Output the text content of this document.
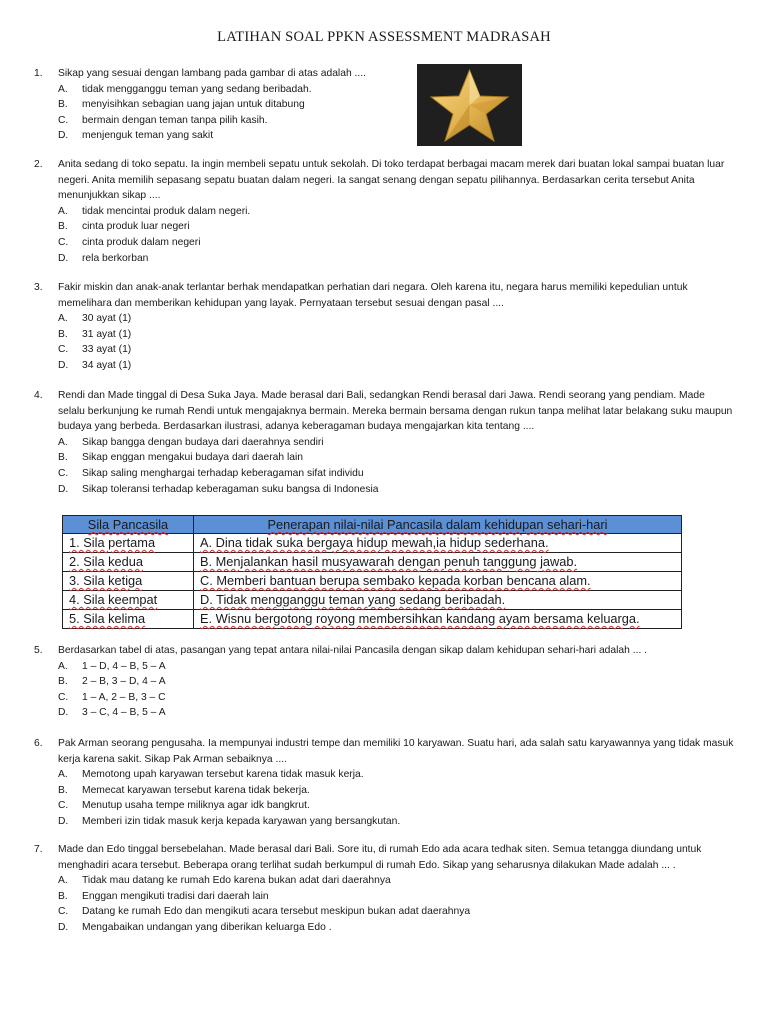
LATIHAN SOAL PPKN ASSESSMENT MADRASAH
1. Sikap yang sesuai dengan lambang pada gambar di atas adalah ....
A. tidak mengganggu teman yang sedang beribadah.
B. menyisihkan sebagian uang jajan untuk ditabung
C. bermain dengan teman tanpa pilih kasih.
D. menjenguk teman yang sakit
2. Anita sedang di toko sepatu. Ia ingin membeli sepatu untuk sekolah. Di toko terdapat berbagai macam merek dari buatan lokal sampai buatan luar negeri. Anita memilih sepasang sepatu buatan dalam negeri. Ia sangat senang dengan sepatu pilihannya. Berdasarkan cerita tersebut Anita menunjukkan sikap ....
A. tidak mencintai produk dalam negeri.
B. cinta produk luar negeri
C. cinta produk dalam negeri
D. rela berkorban
3. Fakir miskin dan anak-anak terlantar berhak mendapatkan perhatian dari negara. Oleh karena itu, negara harus memiliki kepedulian untuk memelihara dan memberikan kehidupan yang layak. Pernyataan tersebut sesuai dengan pasal ....
A. 30 ayat (1)
B. 31 ayat (1)
C. 33 ayat (1)
D. 34 ayat (1)
4. Rendi dan Made tinggal di Desa Suka Jaya. Made berasal dari Bali, sedangkan Rendi berasal dari Jawa. Rendi seorang yang pendiam. Made selalu berkunjung ke rumah Rendi untuk mengajaknya bermain. Mereka bermain bersama dengan rukun tanpa melihat latar belakang suku maupun budaya yang berbeda. Berdasarkan ilustrasi, adanya keberagaman budaya mengajarkan kita tentang ....
A. Sikap bangga dengan budaya dari daerahnya sendiri
B. Sikap enggan mengakui budaya dari daerah lain
C. Sikap saling menghargai terhadap keberagaman sifat individu
D. Sikap toleransi terhadap keberagaman suku bangsa di Indonesia
Sila Pancasila	Penerapan nilai-nilai Pancasila dalam kehidupan sehari-hari
1. Sila pertama	A. Dina tidak suka bergaya hidup mewah,ia hidup sederhana.
2. Sila kedua	B. Menjalankan hasil musyawarah dengan penuh tanggung jawab.
3. Sila ketiga	C. Memberi bantuan berupa sembako kepada korban bencana alam.
4. Sila keempat	D. Tidak mengganggu teman yang sedang beribadah.
5. Sila kelima	E. Wisnu bergotong royong membersihkan kandang ayam bersama keluarga.
5. Berdasarkan tabel di atas, pasangan yang tepat antara nilai-nilai Pancasila dengan sikap dalam kehidupan sehari-hari adalah ... .
A. 1 – D, 4 – B, 5 – A
B. 2 – B, 3 – D, 4 – A
C. 1 – A, 2 – B, 3 – C
D. 3 – C, 4 – B, 5 – A
6. Pak Arman seorang pengusaha. Ia mempunyai industri tempe dan memiliki 10 karyawan. Suatu hari, ada salah satu karyawannya yang tidak masuk kerja karena sakit. Sikap Pak Arman sebaiknya ....
A. Memotong upah karyawan tersebut karena tidak masuk kerja.
B. Memecat karyawan tersebut karena tidak bekerja.
C. Menutup usaha tempe miliknya agar idk bangkrut.
D. Memberi izin tidak masuk kerja kepada karyawan yang bersangkutan.
7. Made dan Edo tinggal bersebelahan. Made berasal dari Bali. Sore itu, di rumah Edo ada acara tedhak siten. Semua tetangga diundang untuk menghadiri acara tersebut. Beberapa orang terlihat sudah berkumpul di rumah Edo. Sikap yang seharusnya dilakukan Made adalah ... .
A. Tidak mau datang ke rumah Edo karena bukan adat dari daerahnya
B. Enggan mengikuti tradisi dari daerah lain
C. Datang ke rumah Edo dan mengikuti acara tersebut meskipun bukan adat daerahnya
D. Mengabaikan undangan yang diberikan keluarga Edo .
